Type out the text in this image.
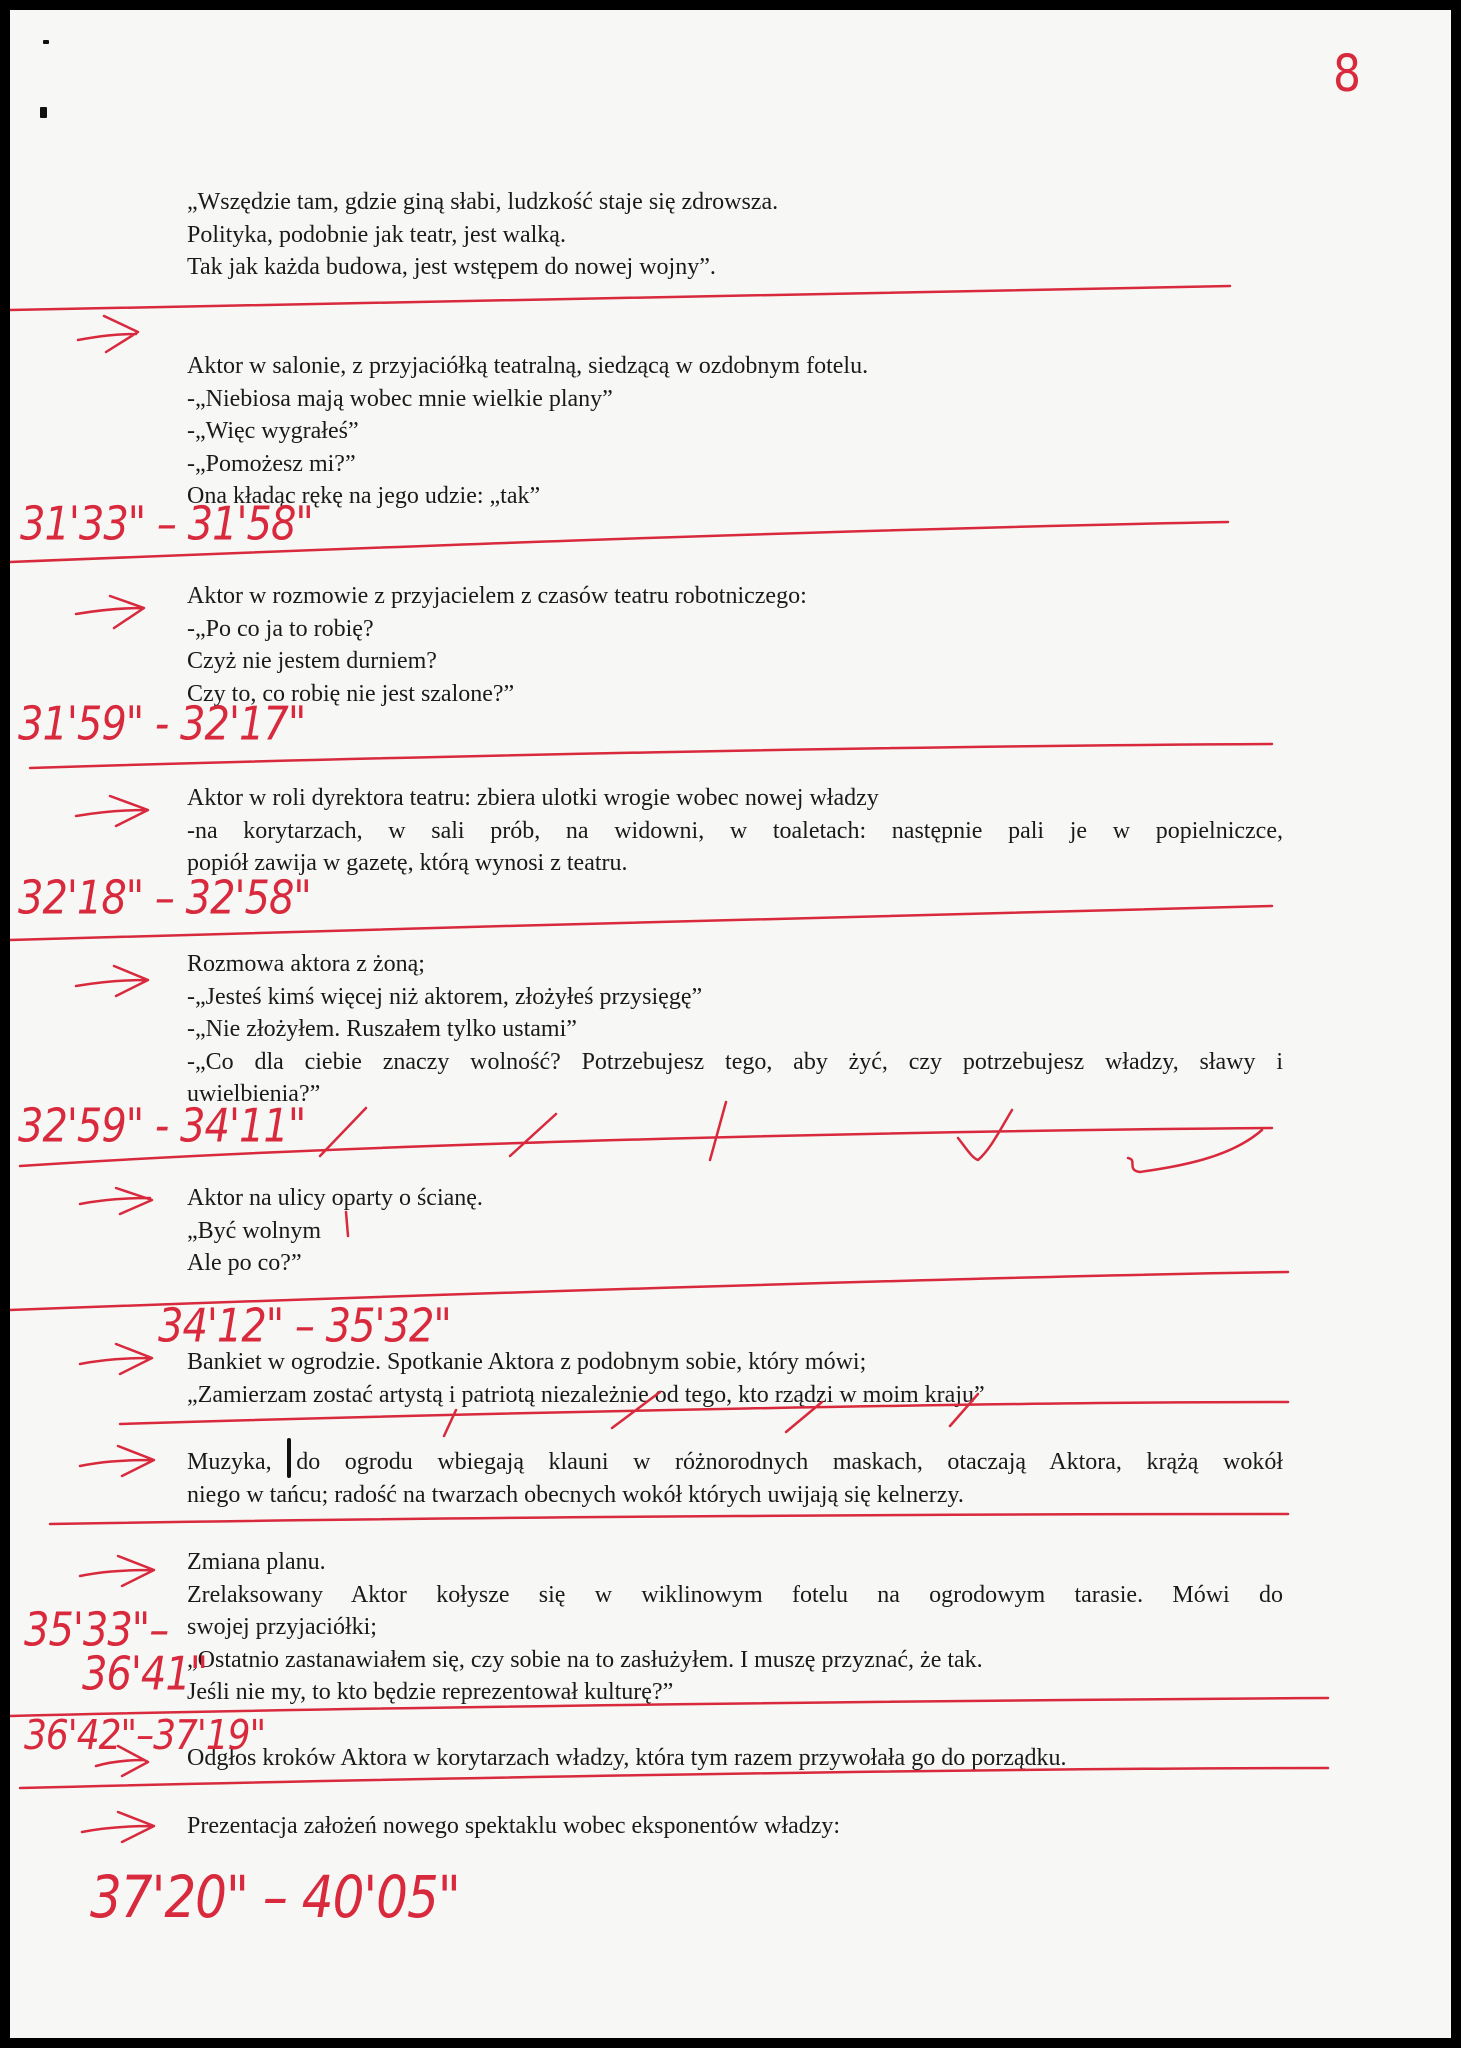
8
„Wszędzie tam, gdzie giną słabi, ludzkość staje się zdrowsza.
Polityka, podobnie jak teatr, jest walką.
Tak jak każda budowa, jest wstępem do nowej wojny”.
Aktor w salonie, z przyjaciółką teatralną, siedzącą w ozdobnym fotelu.
-„Niebiosa mają wobec mnie wielkie plany”
-„Więc wygrałeś”
-„Pomożesz mi?”
Ona kładąc rękę na jego udzie: „tak”
31'33" – 31'58"
Aktor w rozmowie z przyjacielem z czasów teatru robotniczego:
-„Po co ja to robię?
Czyż nie jestem durniem?
Czy to, co robię nie jest szalone?”
31'59" - 32'17"
Aktor w roli dyrektora teatru: zbiera ulotki wrogie wobec nowej władzy
-na korytarzach, w sali prób, na widowni, w toaletach: następnie pali je w popielniczce,
popiół zawija w gazetę, którą wynosi z teatru.
32'18" – 32'58"
Rozmowa aktora z żoną;
-„Jesteś kimś więcej niż aktorem, złożyłeś przysięgę”
-„Nie złożyłem. Ruszałem tylko ustami”
-„Co dla ciebie znaczy wolność? Potrzebujesz tego, aby żyć, czy potrzebujesz władzy, sławy i
uwielbienia?”
32'59" - 34'11"
Aktor na ulicy oparty o ścianę.
„Być wolnym
Ale po co?”
34'12" – 35'32"
Bankiet w ogrodzie. Spotkanie Aktora z podobnym sobie, który mówi;
„Zamierzam zostać artystą i patriotą niezależnie od tego, kto rządzi w moim kraju”
Muzyka, do ogrodu wbiegają klauni w różnorodnych maskach, otaczają Aktora, krążą wokół
niego w tańcu; radość na twarzach obecnych wokół których uwijają się kelnerzy.
Zmiana planu.
Zrelaksowany Aktor kołysze się w wiklinowym fotelu na ogrodowym tarasie. Mówi do
swojej przyjaciółki;
„Ostatnio zastanawiałem się, czy sobie na to zasłużyłem. I muszę przyznać, że tak.
Jeśli nie my, to kto będzie reprezentował kulturę?”
35'33"–
36'41"
Odgłos kroków Aktora w korytarzach władzy, która tym razem przywołała go do porządku.
36'42"–37'19"
Prezentacja założeń nowego spektaklu wobec eksponentów władzy:
37'20" – 40'05"
